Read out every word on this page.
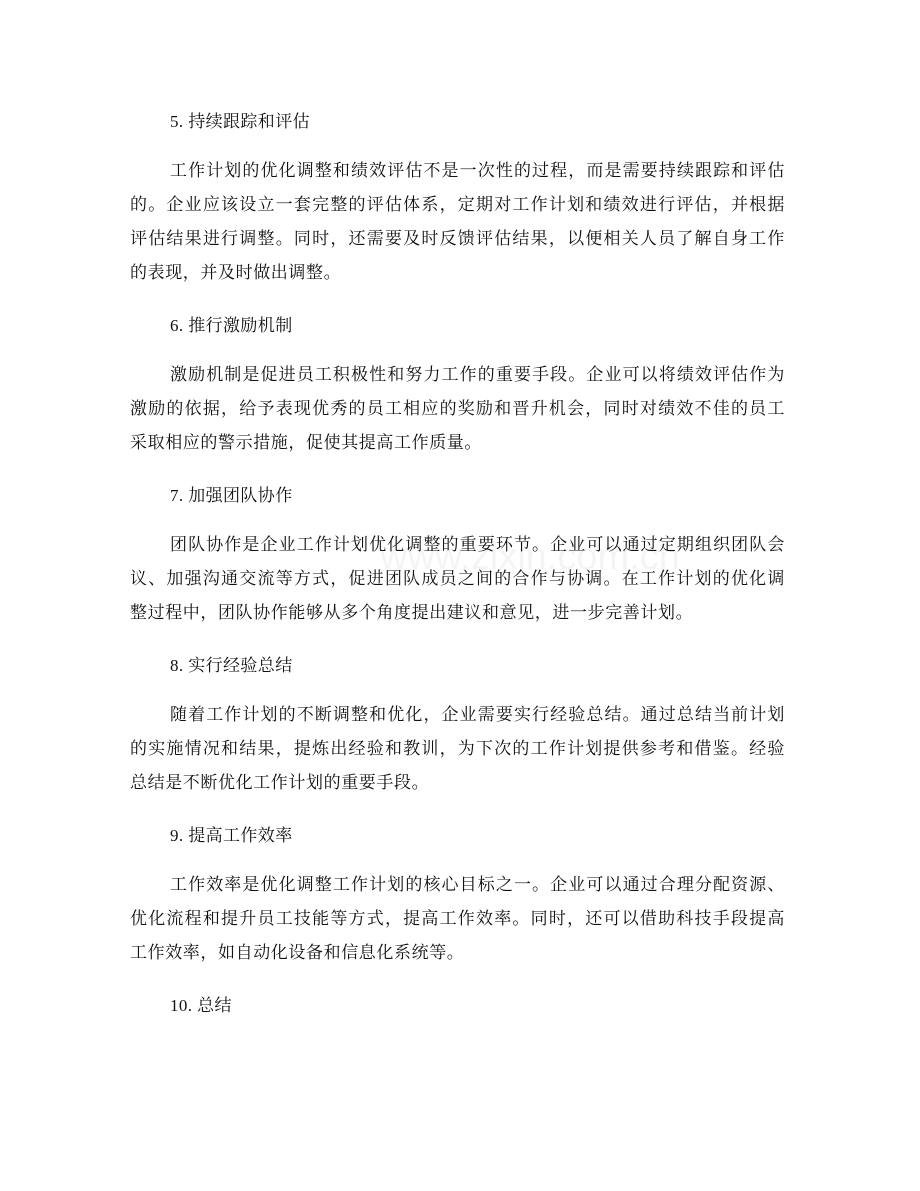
5. 持续跟踪和评估
工作计划的优化调整和绩效评估不是一次性的过程，而是需要持续跟踪和评估
的。企业应该设立一套完整的评估体系，定期对工作计划和绩效进行评估，并根据
评估结果进行调整。同时，还需要及时反馈评估结果，以便相关人员了解自身工作
的表现，并及时做出调整。
6. 推行激励机制
激励机制是促进员工积极性和努力工作的重要手段。企业可以将绩效评估作为
激励的依据，给予表现优秀的员工相应的奖励和晋升机会，同时对绩效不佳的员工
采取相应的警示措施，促使其提高工作质量。
7. 加强团队协作
团队协作是企业工作计划优化调整的重要环节。企业可以通过定期组织团队会
议、加强沟通交流等方式，促进团队成员之间的合作与协调。在工作计划的优化调
整过程中，团队协作能够从多个角度提出建议和意见，进一步完善计划。
8. 实行经验总结
随着工作计划的不断调整和优化，企业需要实行经验总结。通过总结当前计划
的实施情况和结果，提炼出经验和教训，为下次的工作计划提供参考和借鉴。经验
总结是不断优化工作计划的重要手段。
9. 提高工作效率
工作效率是优化调整工作计划的核心目标之一。企业可以通过合理分配资源、
优化流程和提升员工技能等方式，提高工作效率。同时，还可以借助科技手段提高
工作效率，如自动化设备和信息化系统等。
10. 总结
